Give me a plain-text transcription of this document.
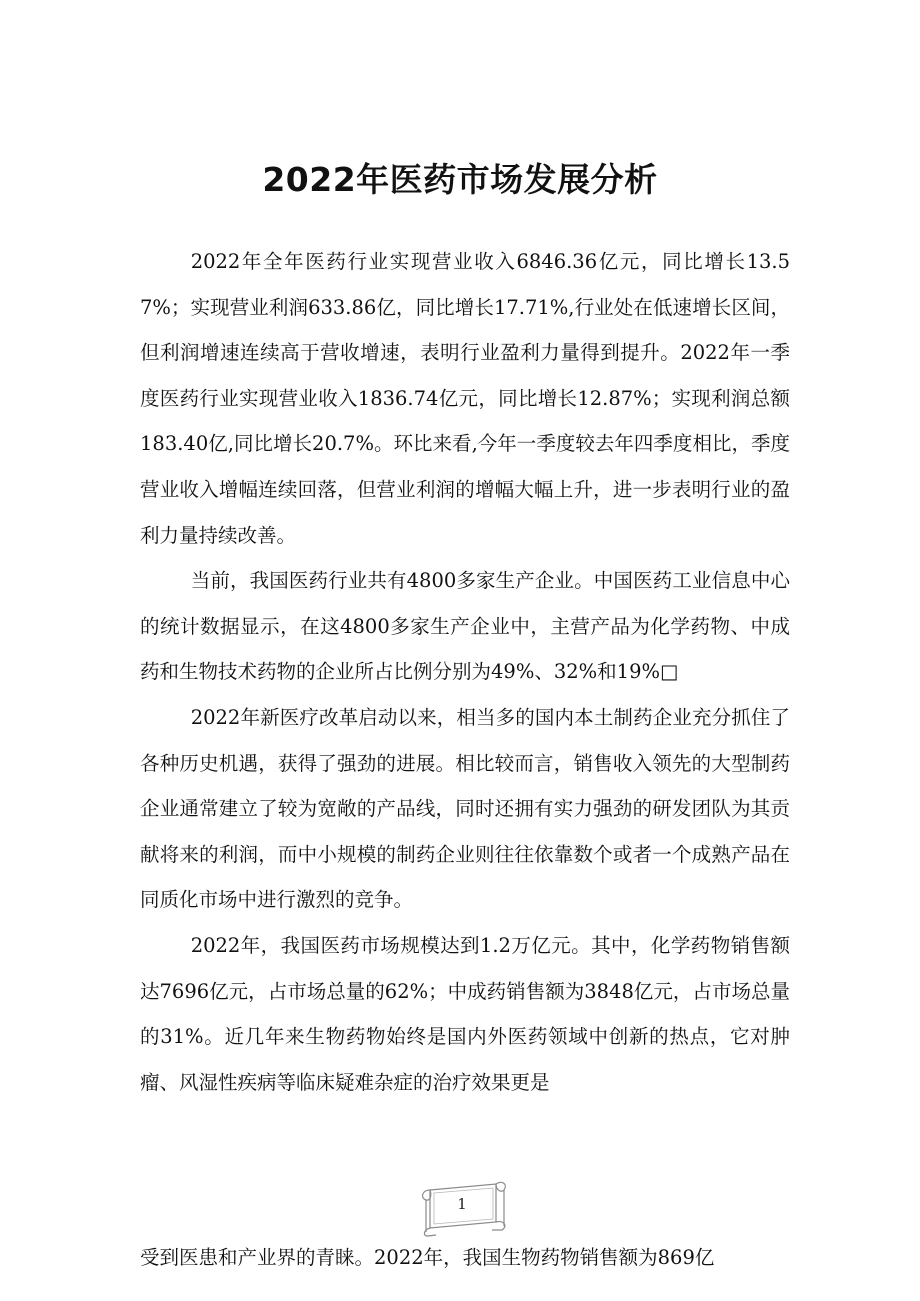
2022年医药市场发展分析

2022年全年医药行业实现营业收入6846.36亿元，同比增长13.57%；实现营业利润633.86亿，同比增长17.71%,行业处在低速增长区间，但利润增速连续高于营收增速，表明行业盈利力量得到提升。2022年一季度医药行业实现营业收入1836.74亿元，同比增长12.87%；实现利润总额183.40亿,同比增长20.7%。环比来看,今年一季度较去年四季度相比，季度营业收入增幅连续回落，但营业利润的增幅大幅上升，进一步表明行业的盈利力量持续改善。

当前，我国医药行业共有4800多家生产企业。中国医药工业信息中心的统计数据显示，在这4800多家生产企业中，主营产品为化学药物、中成药和生物技术药物的企业所占比例分别为49%、32%和19%□

2022年新医疗改革启动以来，相当多的国内本土制药企业充分抓住了各种历史机遇，获得了强劲的进展。相比较而言，销售收入领先的大型制药企业通常建立了较为宽敞的产品线，同时还拥有实力强劲的研发团队为其贡献将来的利润，而中小规模的制药企业则往往依靠数个或者一个成熟产品在同质化市场中进行激烈的竞争。

2022年，我国医药市场规模达到1.2万亿元。其中，化学药物销售额达7696亿元，占市场总量的62%；中成药销售额为3848亿元，占市场总量的31%。近几年来生物药物始终是国内外医药领域中创新的热点，它对肿瘤、风湿性疾病等临床疑难杂症的治疗效果更是

1

受到医患和产业界的青睐。2022年，我国生物药物销售额为869亿
